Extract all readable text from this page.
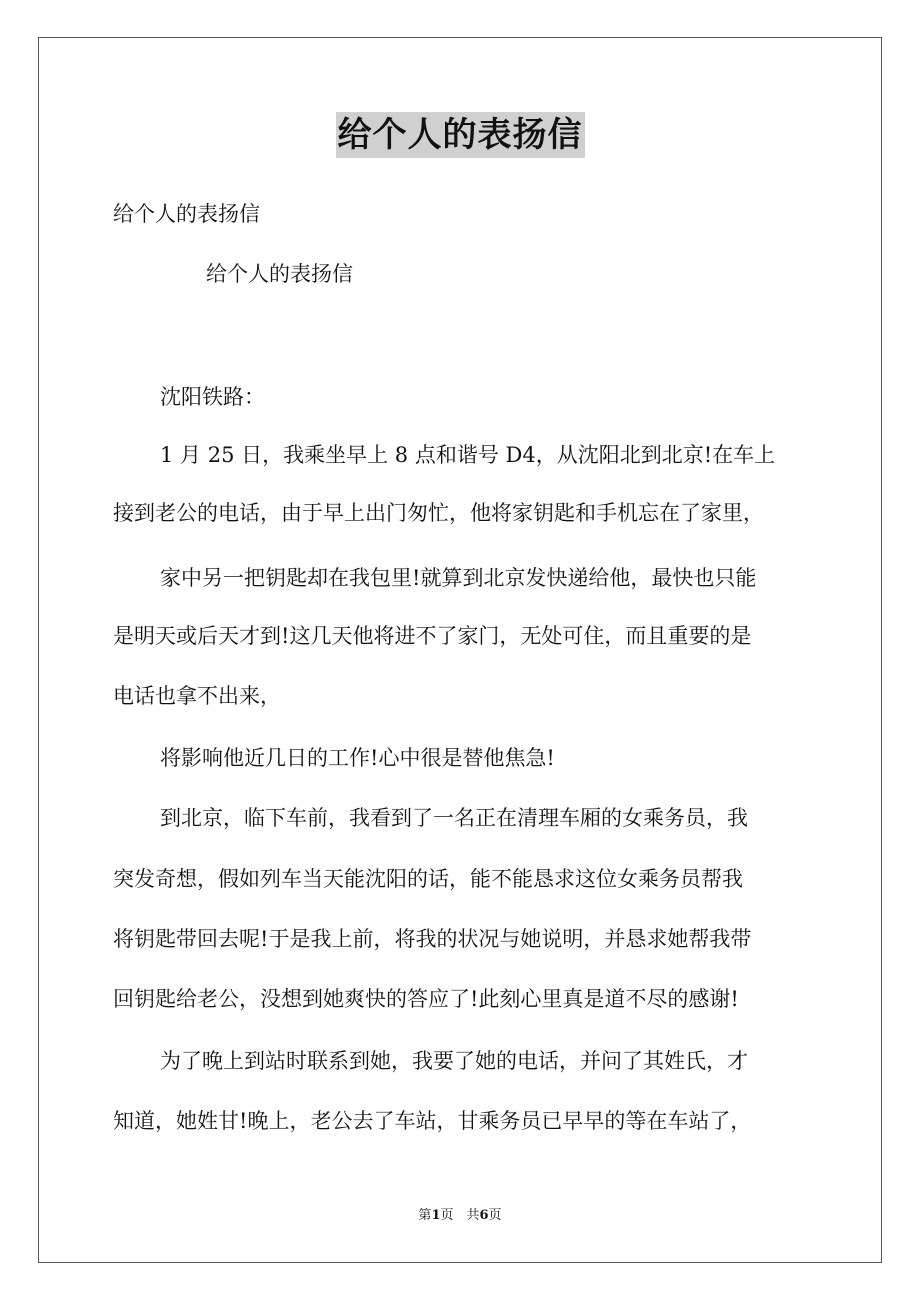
给个人的表扬信
给个人的表扬信
给个人的表扬信
沈阳铁路：
1 月 25 日，我乘坐早上 8 点和谐号 D4，从沈阳北到北京!在车上
接到老公的电话，由于早上出门匆忙，他将家钥匙和手机忘在了家里，
家中另一把钥匙却在我包里!就算到北京发快递给他，最快也只能
是明天或后天才到!这几天他将进不了家门，无处可住，而且重要的是
电话也拿不出来，
将影响他近几日的工作!心中很是替他焦急!
到北京，临下车前，我看到了一名正在清理车厢的女乘务员，我
突发奇想，假如列车当天能沈阳的话，能不能恳求这位女乘务员帮我
将钥匙带回去呢!于是我上前，将我的状况与她说明，并恳求她帮我带
回钥匙给老公，没想到她爽快的答应了!此刻心里真是道不尽的感谢!
为了晚上到站时联系到她，我要了她的电话，并问了其姓氏，才
知道，她姓甘!晚上，老公去了车站，甘乘务员已早早的等在车站了，
第1页　共6页
